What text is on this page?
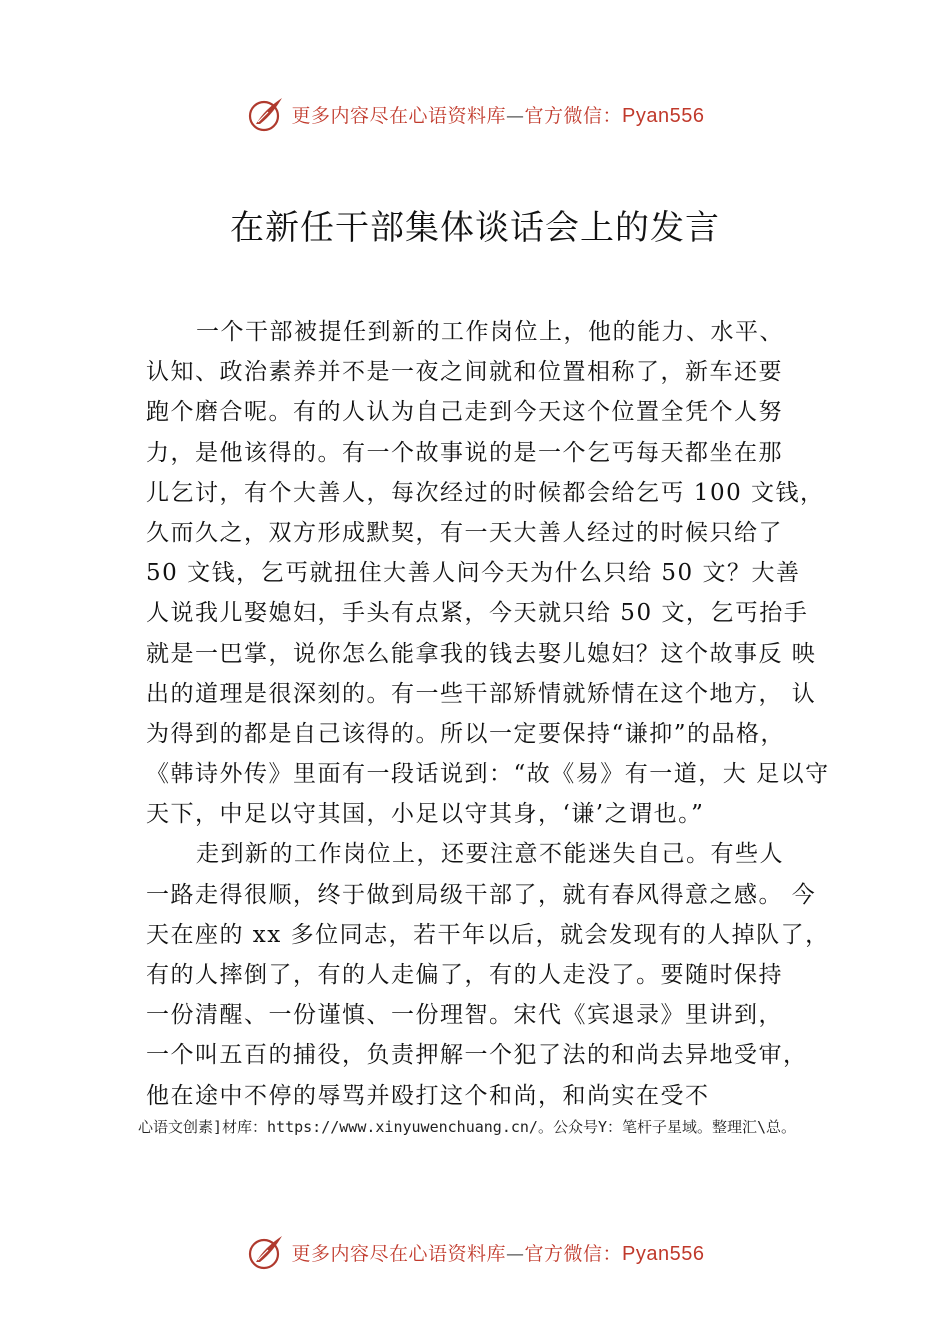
更多内容尽在心语资料库—官方微信：Pyan556
在新任干部集体谈话会上的发言

一个干部被提任到新的工作岗位上，他的能力、水平、

认知、政治素养并不是一夜之间就和位置相称了，新车还要

跑个磨合呢。有的人认为自己走到今天这个位置全凭个人努

力，是他该得的。有一个故事说的是一个乞丐每天都坐在那

儿乞讨，有个大善人，每次经过的时候都会给乞丐 100 文钱，

久而久之，双方形成默契，有一天大善人经过的时候只给了

50 文钱，乞丐就扭住大善人问今天为什么只给 50 文？大善

人说我儿娶媳妇，手头有点紧，今天就只给 50 文，乞丐抬手

就是一巴掌，说你怎么能拿我的钱去娶儿媳妇？这个故事反 映

出的道理是很深刻的。有一些干部矫情就矫情在这个地方， 认

为得到的都是自己该得的。所以一定要保持“谦抑”的品格，

《韩诗外传》里面有一段话说到：“故《易》有一道，大 足以守

天下，中足以守其国，小足以守其身，‘谦’之谓也。”

走到新的工作岗位上，还要注意不能迷失自己。有些人

一路走得很顺，终于做到局级干部了，就有春风得意之感。 今

天在座的 xx 多位同志，若干年以后，就会发现有的人掉队了，

有的人摔倒了，有的人走偏了，有的人走没了。要随时保持

一份清醒、一份谨慎、一份理智。宋代《宾退录》里讲到，

一个叫五百的捕役，负责押解一个犯了法的和尚去异地受审，

他在途中不停的辱骂并殴打这个和尚，和尚实在受不

心语文创素]材库：https://www.xinyuwenchuang.cn/。公众号Y：笔杆子星域。整理汇\总。
更多内容尽在心语资料库—官方微信：Pyan556
